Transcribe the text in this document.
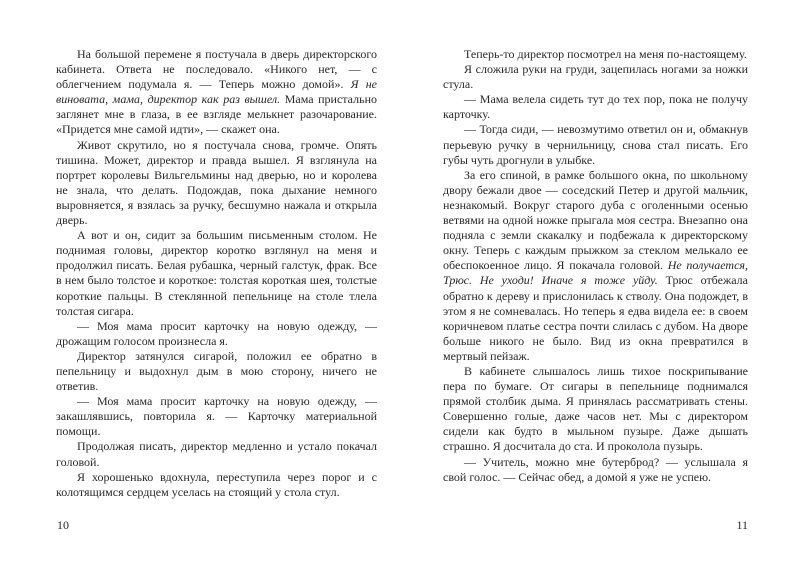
На большой перемене я постучала в дверь директорского кабинета. Ответа не последовало. «Никого нет, — с облегчением подумала я. — Теперь можно домой». Я не виновата, мама, директор как раз вышел. Мама пристально заглянет мне в глаза, в ее взгляде мелькнет разочарование. «Придется мне самой идти», — скажет она.

Живот скрутило, но я постучала снова, громче. Опять тишина. Может, директор и правда вышел. Я взглянула на портрет королевы Вильгельмины над дверью, но и королева не знала, что делать. Подождав, пока дыхание немного выровняется, я взялась за ручку, бесшумно нажала и открыла дверь.

А вот и он, сидит за большим письменным столом. Не поднимая головы, директор коротко взглянул на меня и продолжил писать. Белая рубашка, черный галстук, фрак. Все в нем было толстое и короткое: толстая короткая шея, толстые короткие пальцы. В стеклянной пепельнице на столе тлела толстая сигара.

— Моя мама просит карточку на новую одежду, — дрожащим голосом произнесла я.

Директор затянулся сигарой, положил ее обратно в пепельницу и выдохнул дым в мою сторону, ничего не ответив.

— Моя мама просит карточку на новую одежду, — закашлявшись, повторила я. — Карточку материальной помощи.

Продолжая писать, директор медленно и устало покачал головой.

Я хорошенько вдохнула, переступила через порог и с колотящимся сердцем уселась на стоящий у стола стул.

10

Теперь-то директор посмотрел на меня по-настоящему.

Я сложила руки на груди, зацепилась ногами за ножки стула.

— Мама велела сидеть тут до тех пор, пока не получу карточку.

— Тогда сиди, — невозмутимо ответил он и, обмакнув перьевую ручку в чернильницу, снова стал писать. Его губы чуть дрогнули в улыбке.

За его спиной, в рамке большого окна, по школьному двору бежали двое — соседский Петер и другой мальчик, незнакомый. Вокруг старого дуба с оголенными осенью ветвями на одной ножке прыгала моя сестра. Внезапно она подняла с земли скакалку и подбежала к директорскому окну. Теперь с каждым прыжком за стеклом мелькало ее обеспокоенное лицо. Я покачала головой. Не получается, Трюс. Не уходи! Иначе я тоже уйду. Трюс отбежала обратно к дереву и прислонилась к стволу. Она подождет, в этом я не сомневалась. Но теперь я едва видела ее: в своем коричневом платье сестра почти слилась с дубом. На дворе больше никого не было. Вид из окна превратился в мертвый пейзаж.

В кабинете слышалось лишь тихое поскрипывание пера по бумаге. От сигары в пепельнице поднимался прямой столбик дыма. Я принялась рассматривать стены. Совершенно голые, даже часов нет. Мы с директором сидели как будто в мыльном пузыре. Даже дышать страшно. Я досчитала до ста. И проколола пузырь.

— Учитель, можно мне бутерброд? — услышала я свой голос. — Сейчас обед, а домой я уже не успею.

11
